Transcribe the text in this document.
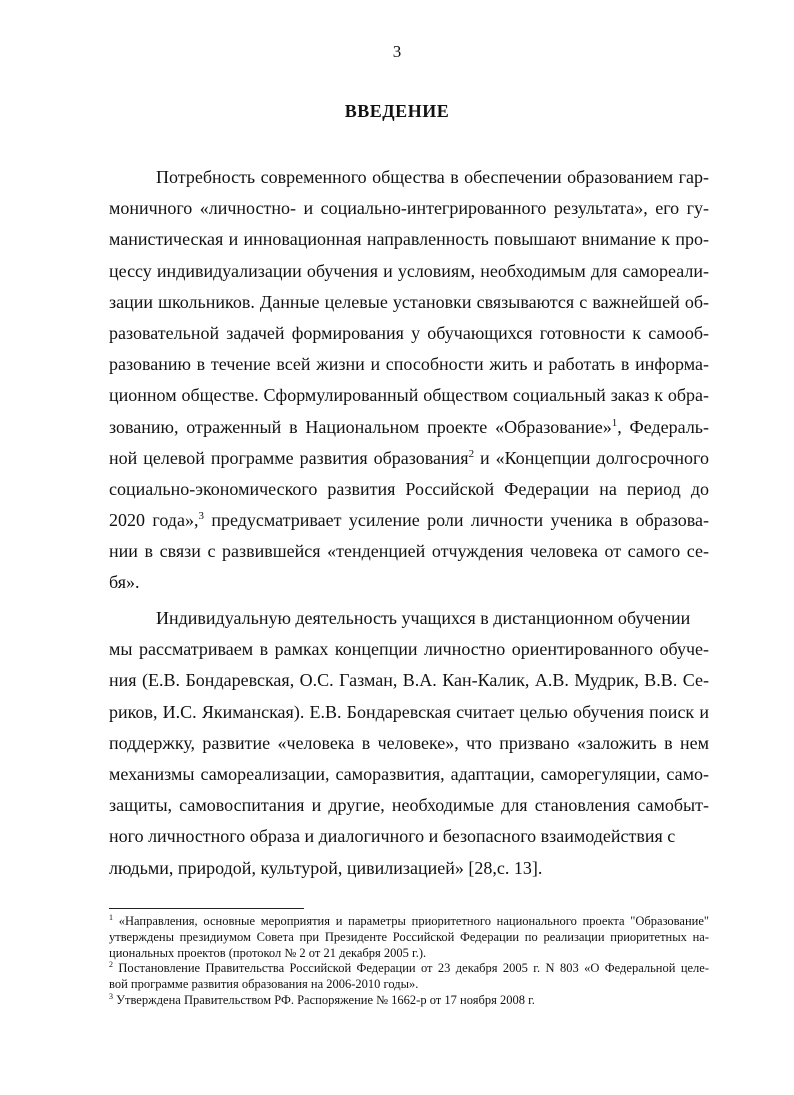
3
ВВЕДЕНИЕ
Потребность современного общества в обеспечении образованием гар-
моничного «личностно- и социально-интегрированного результата», его гу-
манистическая и инновационная направленность повышают внимание к про-
цессу индивидуализации обучения и условиям, необходимым для самореали-
зации школьников. Данные целевые установки связываются с важнейшей об-
разовательной задачей формирования у обучающихся готовности к самооб-
разованию в течение всей жизни и способности жить и работать в информа-
ционном обществе. Сформулированный обществом социальный заказ к обра-
зованию, отраженный в Национальном проекте «Образование»$^1$, Федераль-
ной целевой программе развития образования$^2$ и «Концепции долгосрочного
социально-экономического развития Российской Федерации на период до
2020 года»,$^3$ предусматривает усиление роли личности ученика в образова-
нии в связи с развившейся «тенденцией отчуждения человека от самого се-
бя».
Индивидуальную деятельность учащихся в дистанционном обучении
мы рассматриваем в рамках концепции личностно ориентированного обуче-
ния (Е.В. Бондаревская, О.С. Газман, В.А. Кан-Калик, А.В. Мудрик, В.В. Се-
риков, И.С. Якиманская). Е.В. Бондаревская считает целью обучения поиск и
поддержку, развитие «человека в человеке», что призвано «заложить в нем
механизмы самореализации, саморазвития, адаптации, саморегуляции, само-
защиты, самовоспитания и другие, необходимые для становления самобыт-
ного личностного образа и диалогичного и безопасного взаимодействия с
людьми, природой, культурой, цивилизацией» [28,с. 13].
$^1$ «Направления, основные мероприятия и параметры приоритетного национального проекта "Образование"
утверждены президиумом Совета при Президенте Российской Федерации по реализации приоритетных на-
циональных проектов (протокол № 2 от 21 декабря 2005 г.).
$^2$ Постановление Правительства Российской Федерации от 23 декабря 2005 г. N 803 «О Федеральной целе-
вой программе развития образования на 2006-2010 годы».
$^3$ Утверждена Правительством РФ. Распоряжение № 1662-р от 17 ноября 2008 г.
